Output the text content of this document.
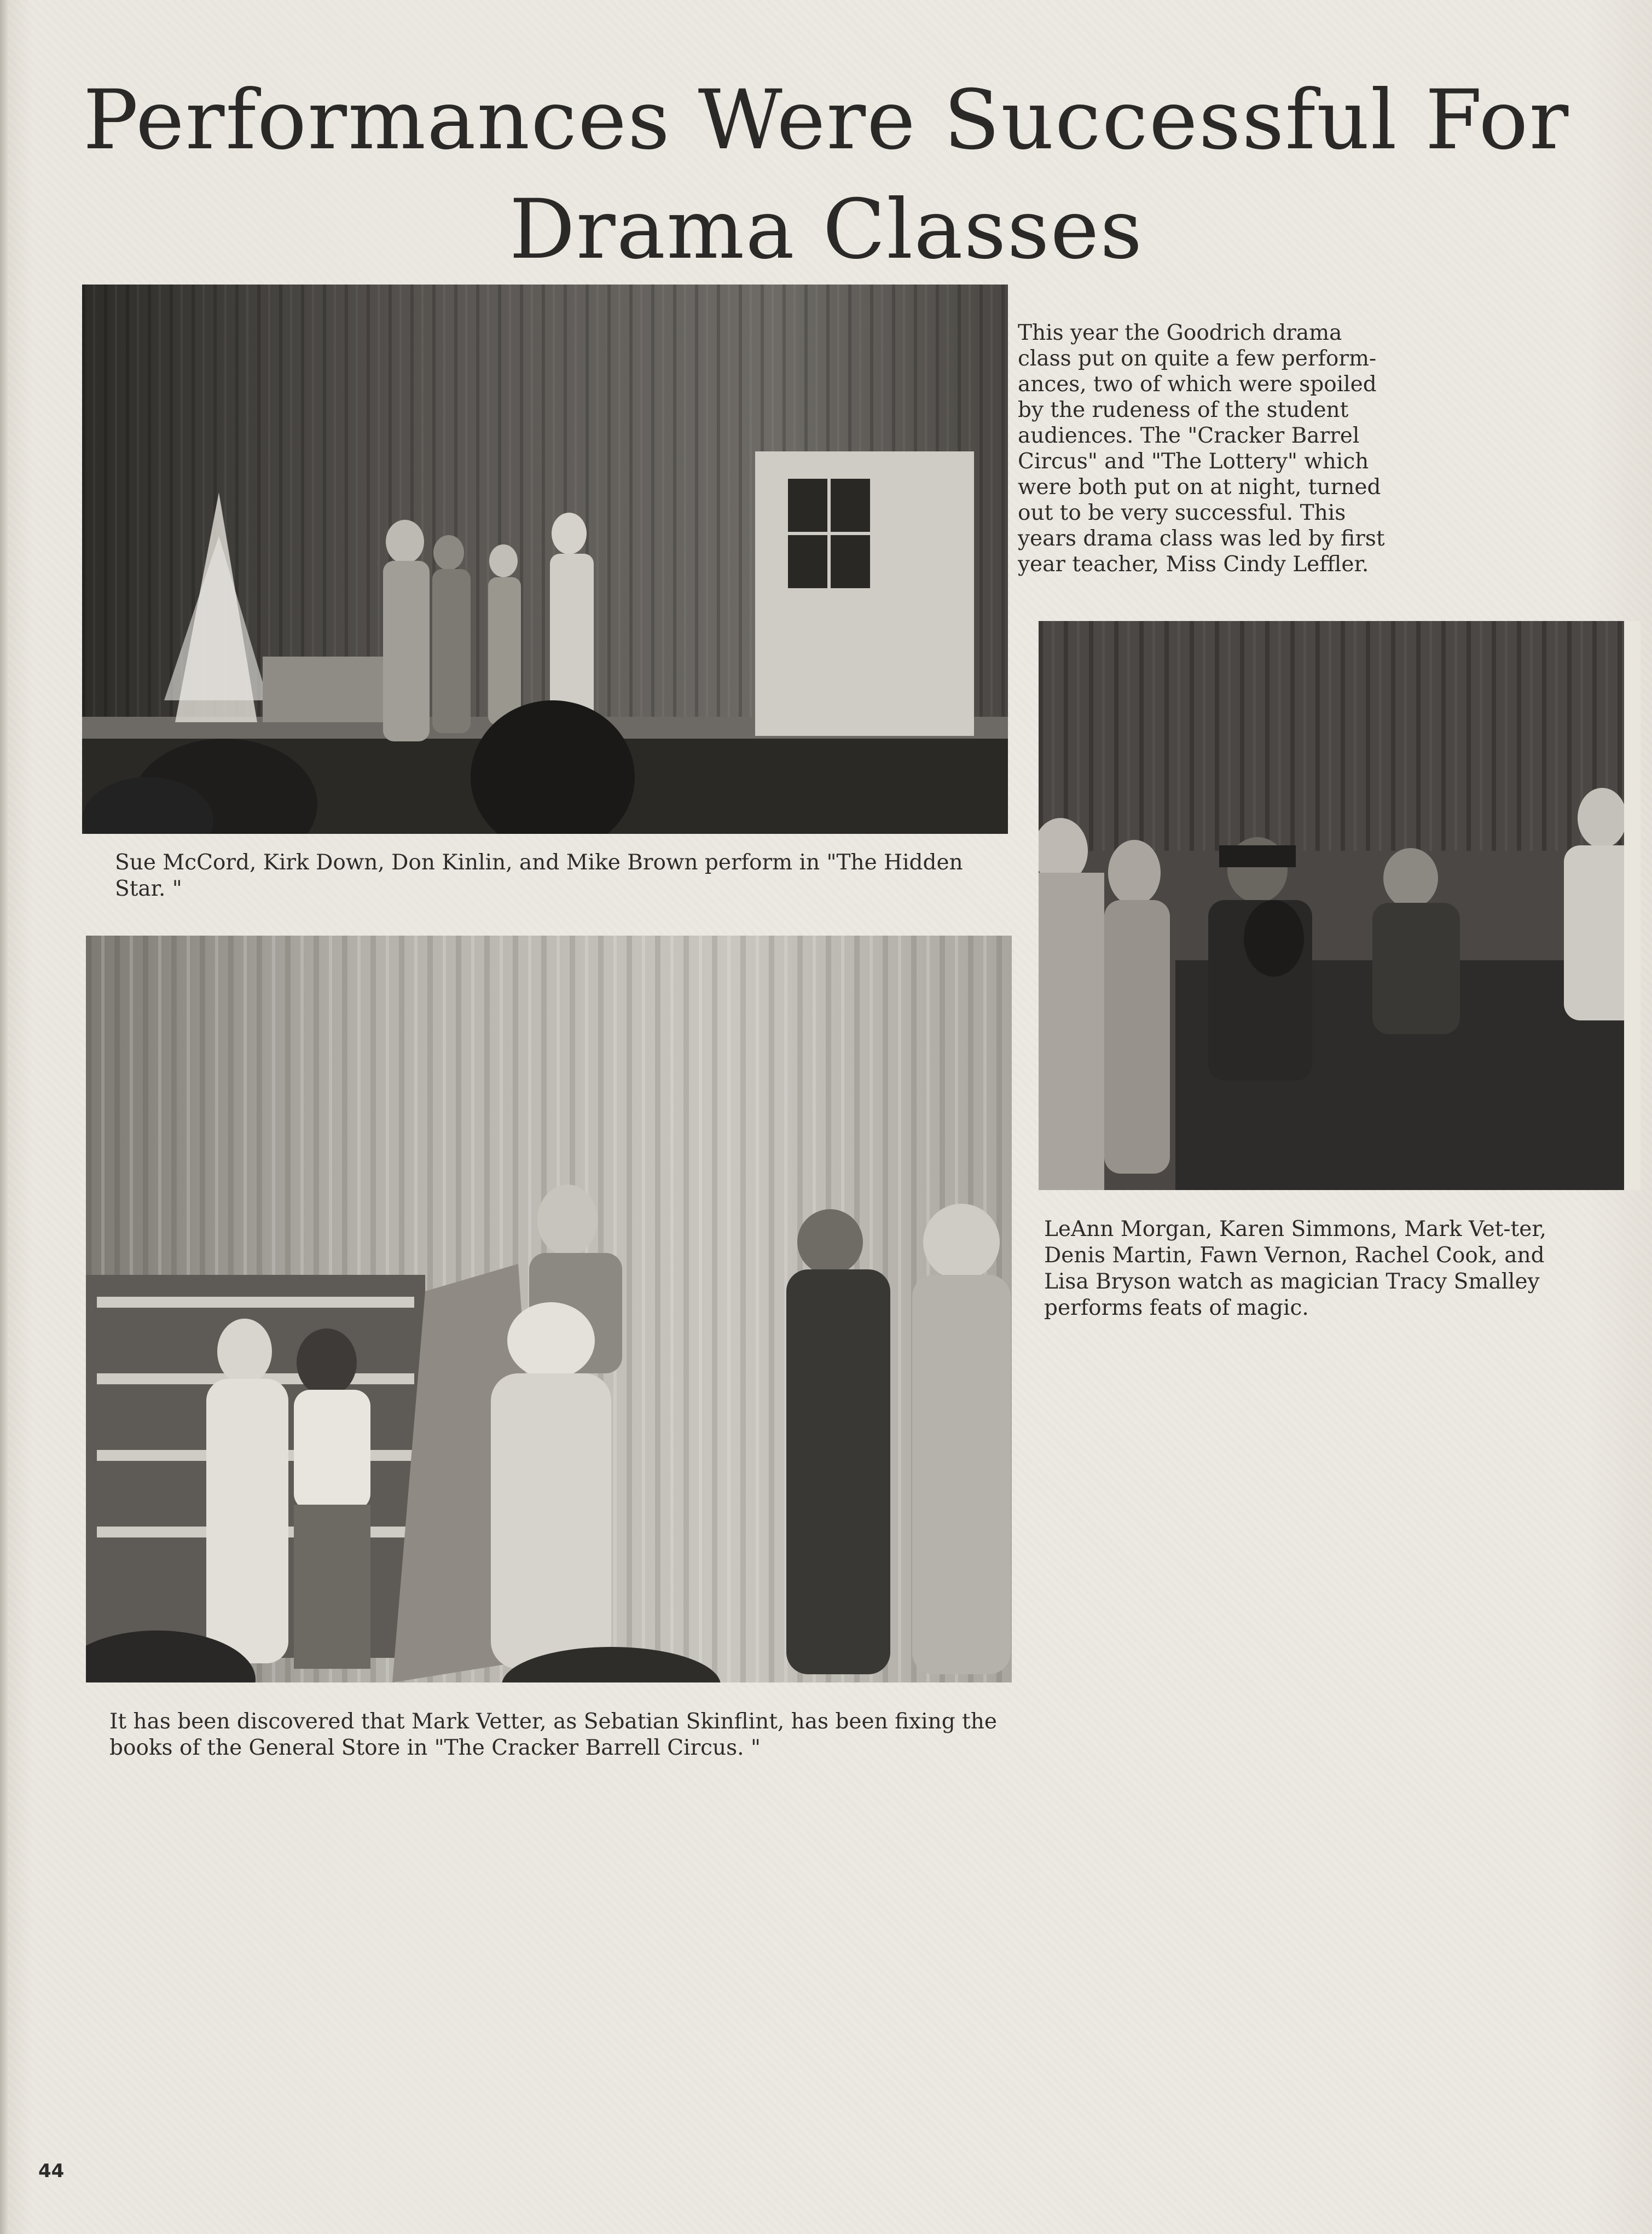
Performances Were Successful For
Drama Classes
Sue McCord, Kirk Down, Don Kinlin, and Mike Brown perform in "The Hidden Star. "
This year the Goodrich drama
class put on quite a few perform-
ances, two of which were spoiled
by the rudeness of the student
audiences. The "Cracker Barrel
Circus" and "The Lottery" which
were both put on at night, turned
out to be very successful. This
years drama class was led by first
year teacher, Miss Cindy Leffler.
LeAnn Morgan, Karen Simmons, Mark Vet-ter, Denis Martin, Fawn Vernon, Rachel Cook, and Lisa Bryson watch as magician Tracy Smalley performs feats of magic.
It has been discovered that Mark Vetter, as Sebatian Skinflint, has been fixing the books of the General Store in "The Cracker Barrell Circus. "
44
